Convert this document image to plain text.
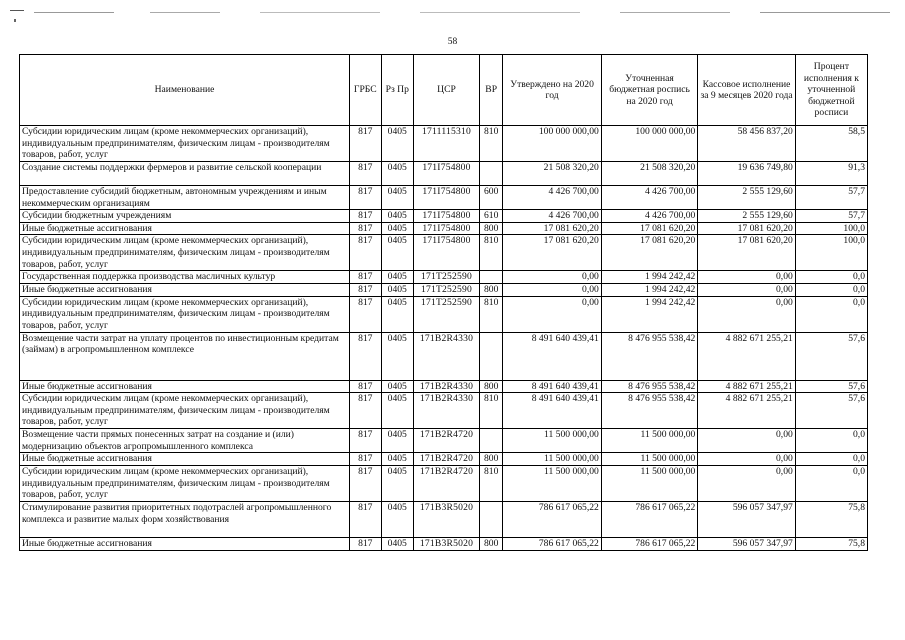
58
Наименование	ГРБС	Рз Пр	ЦСР	ВР	Утверждено на 2020 год	Уточненная бюджетная роспись на 2020 год	Кассовое исполнение за 9 месяцев 2020 года	Процент исполнения к уточненной бюджетной росписи
Субсидии юридическим лицам (кроме некоммерческих организаций), индивидуальным предпринимателям, физическим лицам - производителям товаров, работ, услуг	817	0405	1711115310	810	100 000 000,00	100 000 000,00	58 456 837,20	58,5
Создание системы поддержки фермеров и развитие сельской кооперации	817	0405	171I754800		21 508 320,20	21 508 320,20	19 636 749,80	91,3
Предоставление субсидий бюджетным, автономным учреждениям и иным некоммерческим организациям	817	0405	171I754800	600	4 426 700,00	4 426 700,00	2 555 129,60	57,7
Субсидии бюджетным учреждениям	817	0405	171I754800	610	4 426 700,00	4 426 700,00	2 555 129,60	57,7
Иные бюджетные ассигнования	817	0405	171I754800	800	17 081 620,20	17 081 620,20	17 081 620,20	100,0
Субсидии юридическим лицам (кроме некоммерческих организаций), индивидуальным предпринимателям, физическим лицам - производителям товаров, работ, услуг	817	0405	171I754800	810	17 081 620,20	17 081 620,20	17 081 620,20	100,0
Государственная поддержка производства масличных культур	817	0405	171T252590		0,00	1 994 242,42	0,00	0,0
Иные бюджетные ассигнования	817	0405	171T252590	800	0,00	1 994 242,42	0,00	0,0
Субсидии юридическим лицам (кроме некоммерческих организаций), индивидуальным предпринимателям, физическим лицам - производителям товаров, работ, услуг	817	0405	171T252590	810	0,00	1 994 242,42	0,00	0,0
Возмещение части затрат на уплату процентов по инвестиционным кредитам (займам) в агропромышленном комплексе	817	0405	171B2R4330		8 491 640 439,41	8 476 955 538,42	4 882 671 255,21	57,6
Иные бюджетные ассигнования	817	0405	171B2R4330	800	8 491 640 439,41	8 476 955 538,42	4 882 671 255,21	57,6
Субсидии юридическим лицам (кроме некоммерческих организаций), индивидуальным предпринимателям, физическим лицам - производителям товаров, работ, услуг	817	0405	171B2R4330	810	8 491 640 439,41	8 476 955 538,42	4 882 671 255,21	57,6
Возмещение части прямых понесенных затрат на создание и (или) модернизацию объектов агропромышленного комплекса	817	0405	171B2R4720		11 500 000,00	11 500 000,00	0,00	0,0
Иные бюджетные ассигнования	817	0405	171B2R4720	800	11 500 000,00	11 500 000,00	0,00	0,0
Субсидии юридическим лицам (кроме некоммерческих организаций), индивидуальным предпринимателям, физическим лицам - производителям товаров, работ, услуг	817	0405	171B2R4720	810	11 500 000,00	11 500 000,00	0,00	0,0
Стимулирование развития приоритетных подотраслей агропромышленного комплекса и развитие малых форм хозяйствования	817	0405	171B3R5020		786 617 065,22	786 617 065,22	596 057 347,97	75,8
Иные бюджетные ассигнования	817	0405	171B3R5020	800	786 617 065,22	786 617 065,22	596 057 347,97	75,8
